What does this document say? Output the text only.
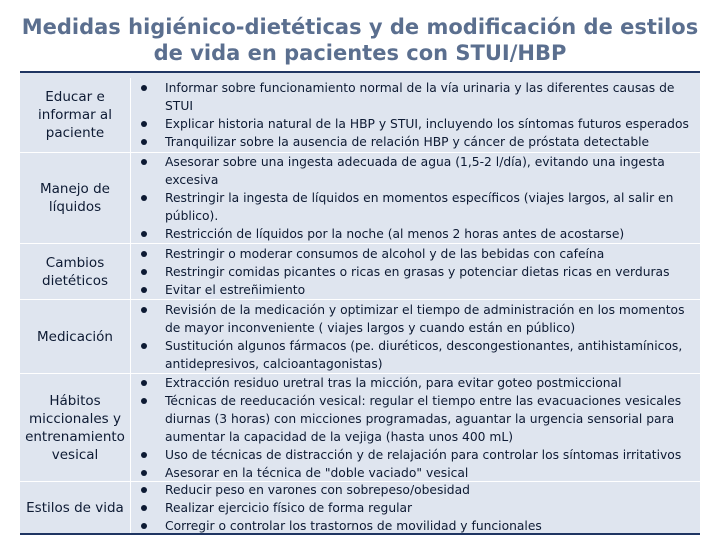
Medidas higiénico-dietéticas y de modificación de estilos de vida en pacientes con STUI/HBP
Educar e informar al paciente
Informar sobre funcionamiento normal de la vía urinaria y las diferentes causas de STUI
Explicar historia natural de la HBP y STUI, incluyendo los síntomas futuros esperados
Tranquilizar sobre la ausencia de relación HBP y cáncer de próstata detectable
Manejo de líquidos
Asesorar sobre una ingesta adecuada de agua (1,5-2 l/día), evitando una ingesta excesiva
Restringir la ingesta de líquidos en momentos específicos (viajes largos, al salir en público).
Restricción de líquidos por la noche (al menos 2 horas antes de acostarse)
Cambios dietéticos
Restringir o moderar consumos de alcohol y de las bebidas con cafeína
Restringir comidas picantes o ricas en grasas y potenciar dietas ricas en verduras
Evitar el estreñimiento
Medicación
Revisión de la medicación y optimizar el tiempo de administración en los momentos de mayor inconveniente ( viajes largos y cuando están en público)
Sustitución algunos fármacos (pe. diuréticos, descongestionantes, antihistamínicos, antidepresivos, calcioantagonistas)
Hábitos miccionales y entrenamiento vesical
Extracción residuo uretral tras la micción, para evitar goteo postmiccional
Técnicas de reeducación vesical: regular el tiempo entre las evacuaciones vesicales diurnas (3 horas) con micciones programadas, aguantar la urgencia sensorial para aumentar la capacidad de la vejiga (hasta unos 400 mL)
Uso de técnicas de distracción y de relajación para controlar los síntomas irritativos
Asesorar en la técnica de "doble vaciado" vesical
Estilos de vida
Reducir peso en varones con sobrepeso/obesidad
Realizar ejercicio físico de forma regular
Corregir o controlar los trastornos de movilidad y funcionales
